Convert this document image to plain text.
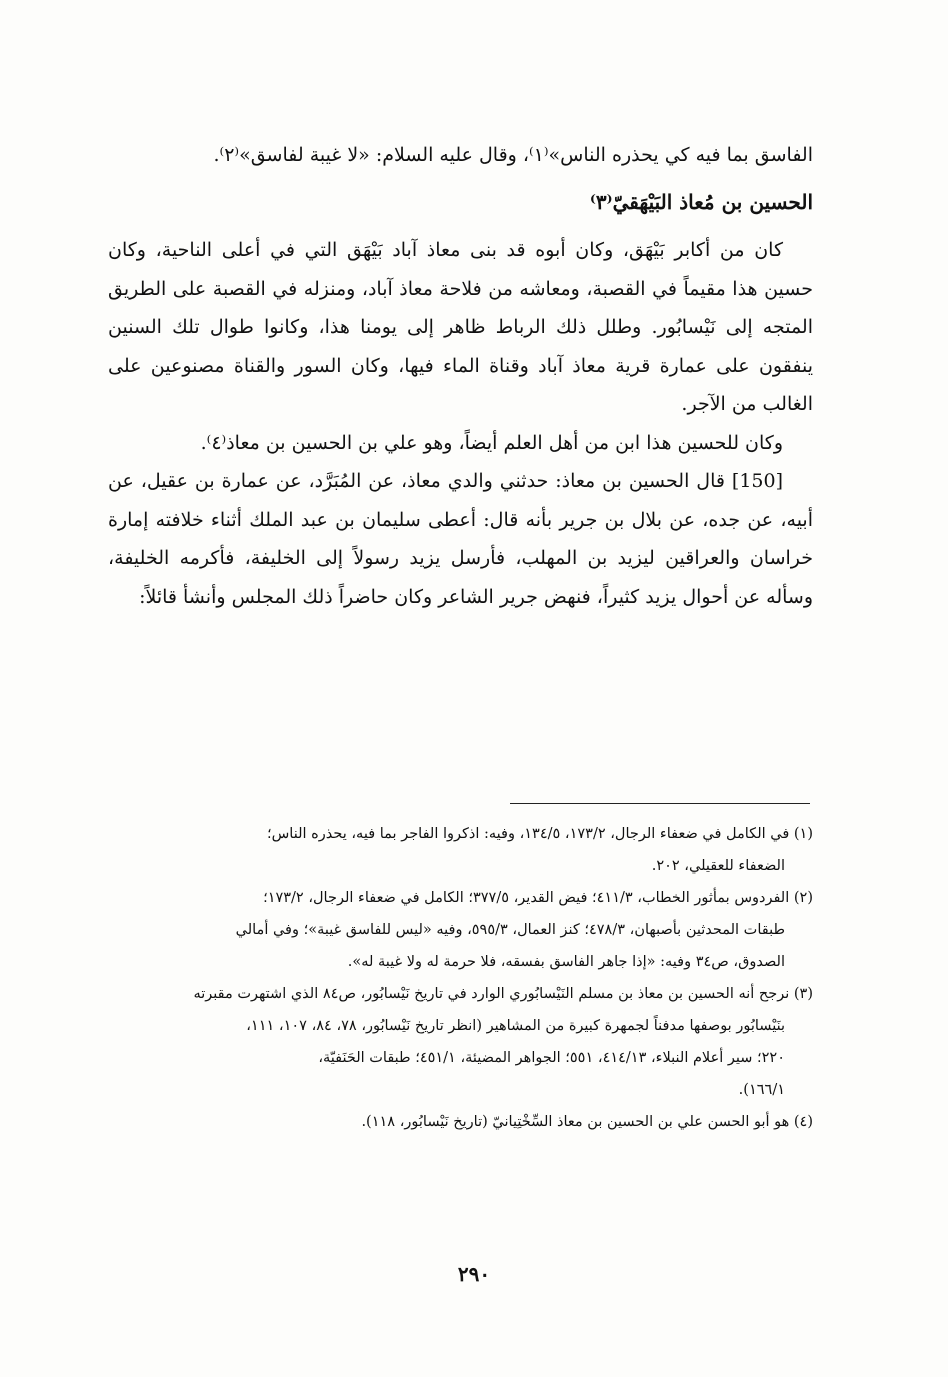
الفاسق بما فيه كي يحذره الناس»⁽١⁾، وقال عليه السلام: «لا غيبة لفاسق»⁽٢⁾.

الحسين بن مُعاذ البَيْهَقيّ⁽٣⁾

كان من أكابر بَيْهَق، وكان أبوه قد بنى معاذ آباد بَيْهَق التي في أعلى الناحية، وكان حسين هذا مقيماً في القصبة، ومعاشه من فلاحة معاذ آباد، ومنزله في القصبة على الطريق المتجه إلى نَيْسابُور. وطلل ذلك الرباط ظاهر إلى يومنا هذا، وكانوا طوال تلك السنين ينفقون على عمارة قرية معاذ آباد وقناة الماء فيها، وكان السور والقناة مصنوعين على الغالب من الآجر.

وكان للحسين هذا ابن من أهل العلم أيضاً، وهو علي بن الحسين بن معاذ⁽٤⁾.

[150] قال الحسين بن معاذ: حدثني والدي معاذ، عن المُبَرَّد، عن عمارة بن عقيل، عن أبيه، عن جده، عن بلال بن جرير بأنه قال: أعطى سليمان بن عبد الملك أثناء خلافته إمارة خراسان والعراقين ليزيد بن المهلب، فأرسل يزيد رسولاً إلى الخليفة، فأكرمه الخليفة، وسأله عن أحوال يزيد كثيراً، فنهض جرير الشاعر وكان حاضراً ذلك المجلس وأنشأ قائلاً:

(١) في الكامل في ضعفاء الرجال، ١٧٣/٢، ١٣٤/٥، وفيه: اذكروا الفاجر بما فيه، يحذره الناس؛

الضعفاء للعقيلي، ٢٠٢.

(٢) الفردوس بمأثور الخطاب، ٤١١/٣؛ فيض القدير، ٣٧٧/٥؛ الكامل في ضعفاء الرجال، ١٧٣/٢؛

طبقات المحدثين بأصبهان، ٤٧٨/٣؛ كنز العمال، ٥٩٥/٣، وفيه «ليس للفاسق غيبة»؛ وفي أمالي

الصدوق، ص٣٤ وفيه: «إذا جاهر الفاسق بفسقه، فلا حرمة له ولا غيبة له».

(٣) نرجح أنه الحسين بن معاذ بن مسلم النَيْسابُوري الوارد في تاريخ نَيْسابُور، ص٨٤ الذي اشتهرت مقبرته

بنَيْسابُور بوصفها مدفناً لجمهرة كبيرة من المشاهير (انظر تاريخ نَيْسابُور، ٧٨، ٨٤، ١٠٧، ١١١،

٢٢٠؛ سير أعلام النبلاء، ٤١٤/١٣، ٥٥١؛ الجواهر المضيئة، ٤٥١/١؛ طبقات الحَنَفيّة،

١٦٦/١).

(٤) هو أبو الحسن علي بن الحسين بن معاذ السِّخْتِيانيّ (تاريخ نَيْسابُور، ١١٨).

٢٩٠
